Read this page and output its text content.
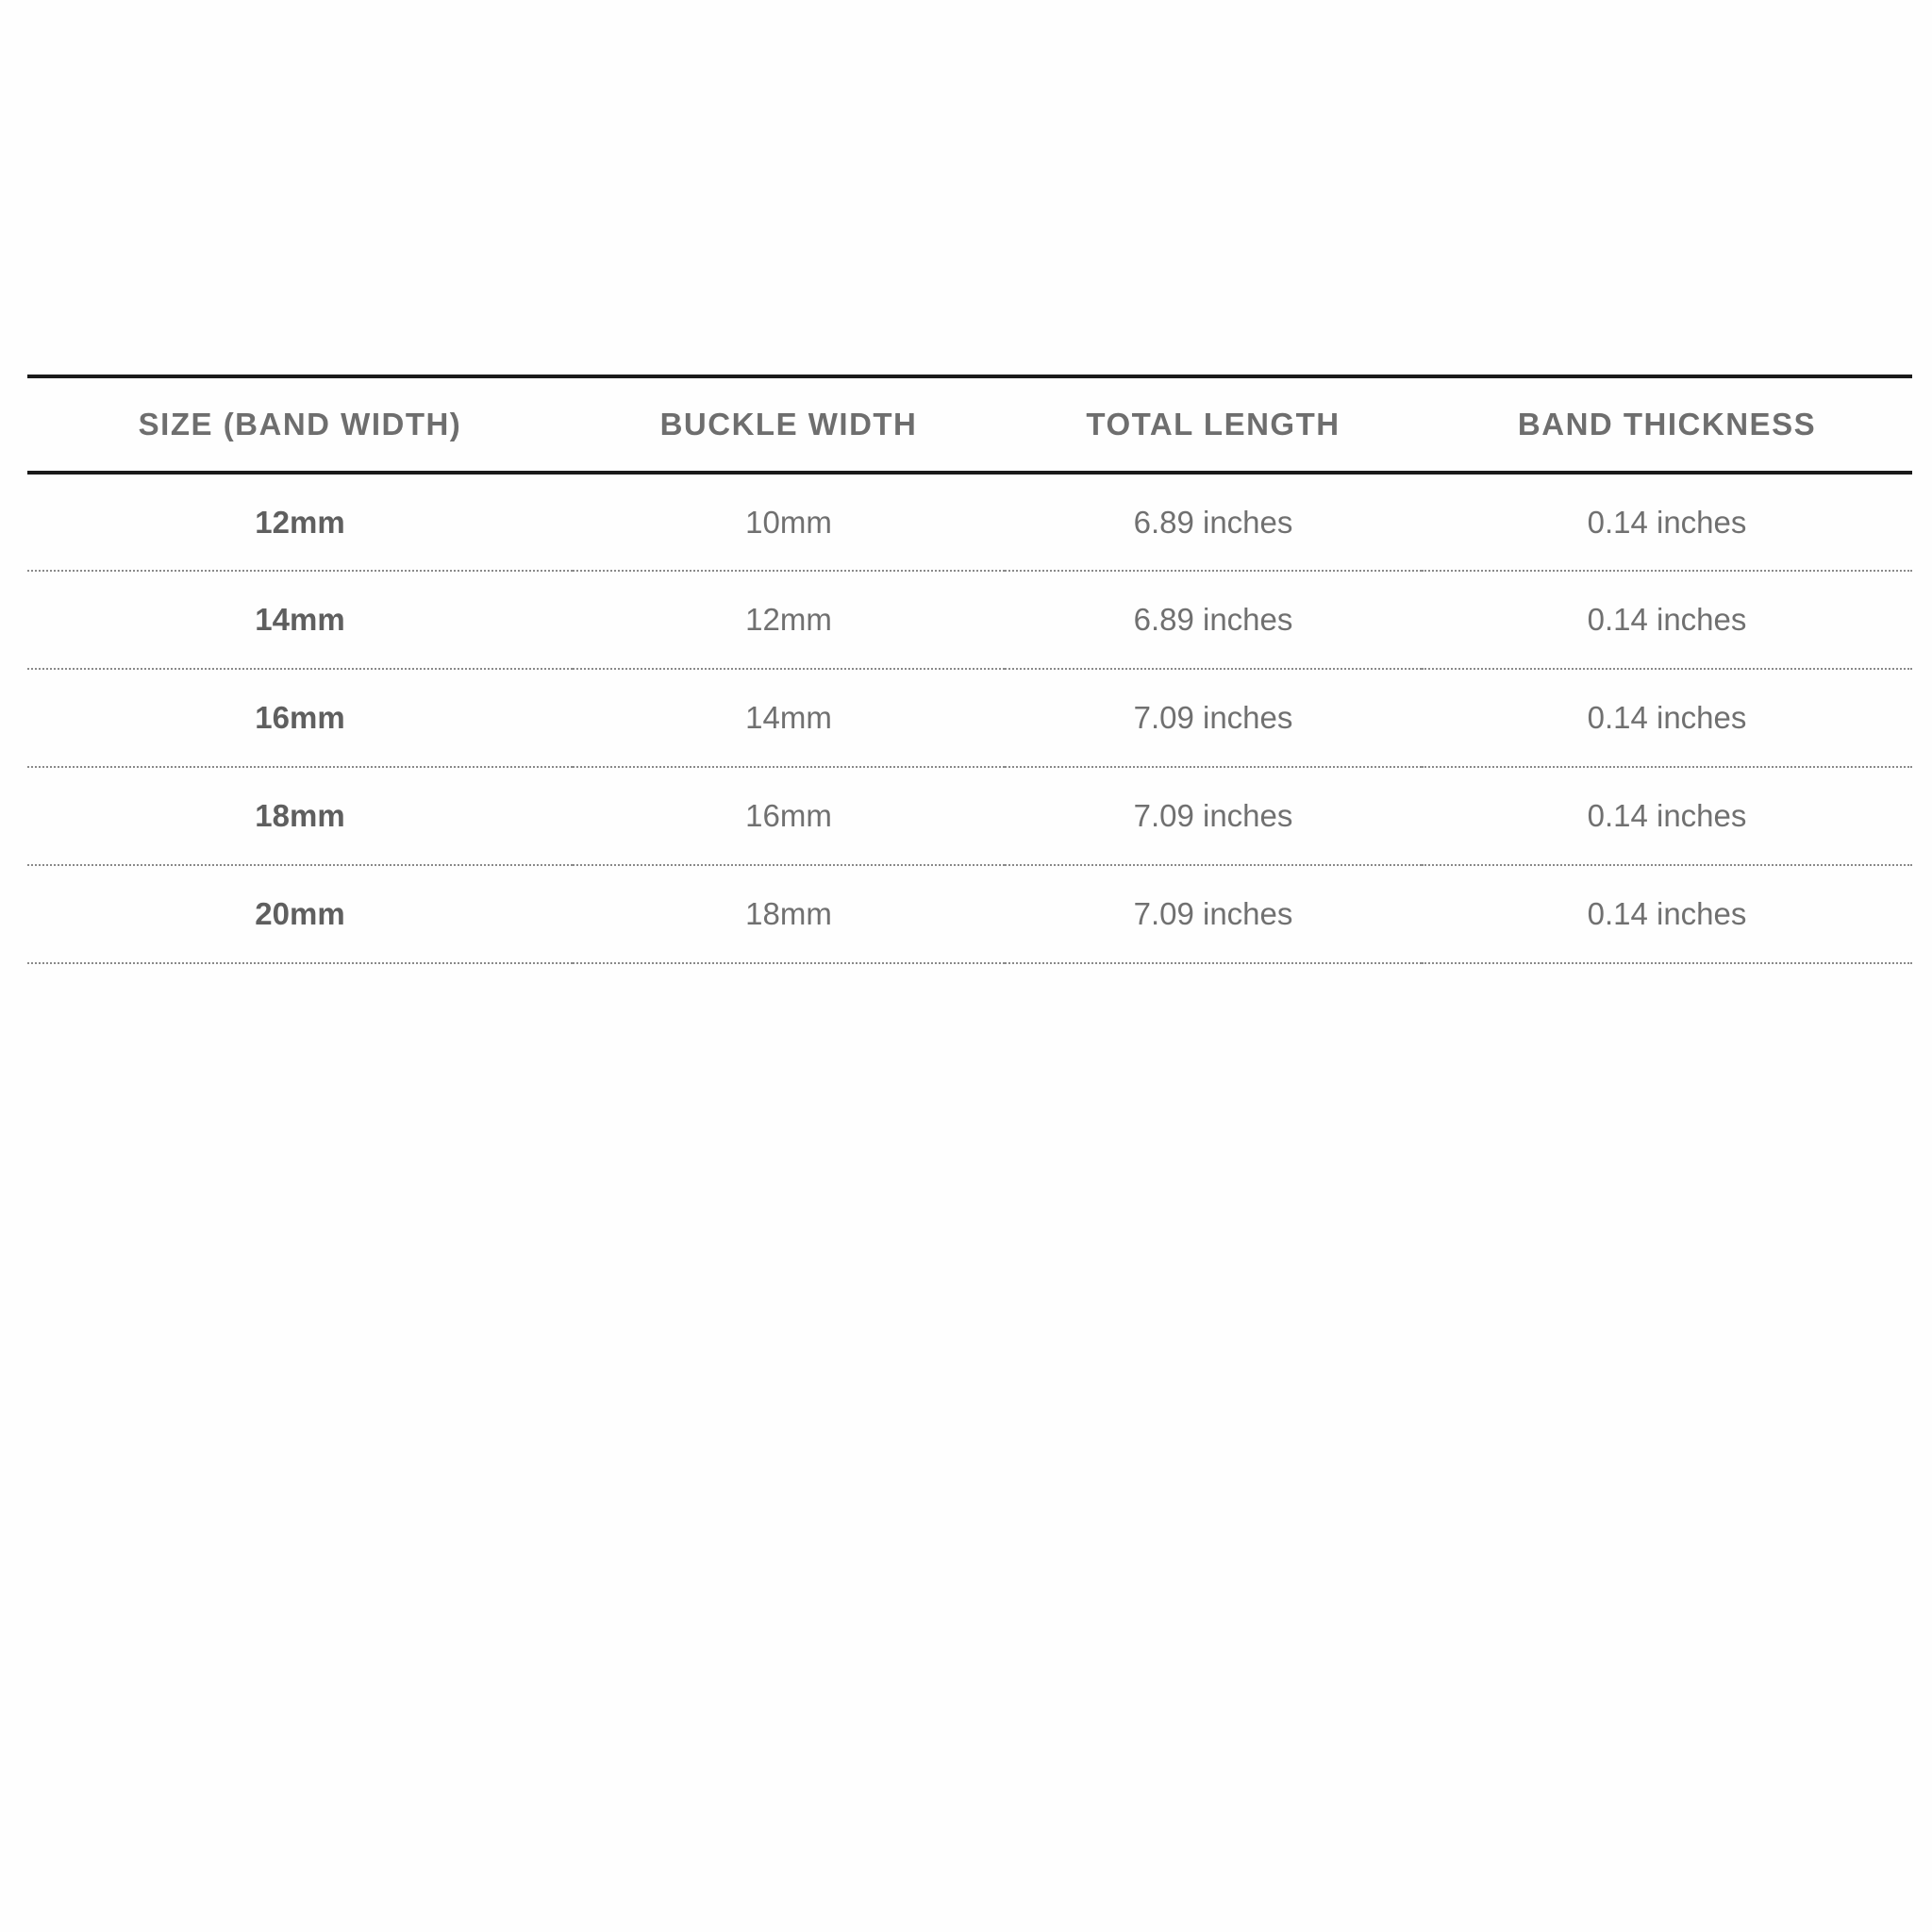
SIZE (BAND WIDTH)	BUCKLE WIDTH	TOTAL LENGTH	BAND THICKNESS
12mm	10mm	6.89 inches	0.14 inches
14mm	12mm	6.89 inches	0.14 inches
16mm	14mm	7.09 inches	0.14 inches
18mm	16mm	7.09 inches	0.14 inches
20mm	18mm	7.09 inches	0.14 inches
